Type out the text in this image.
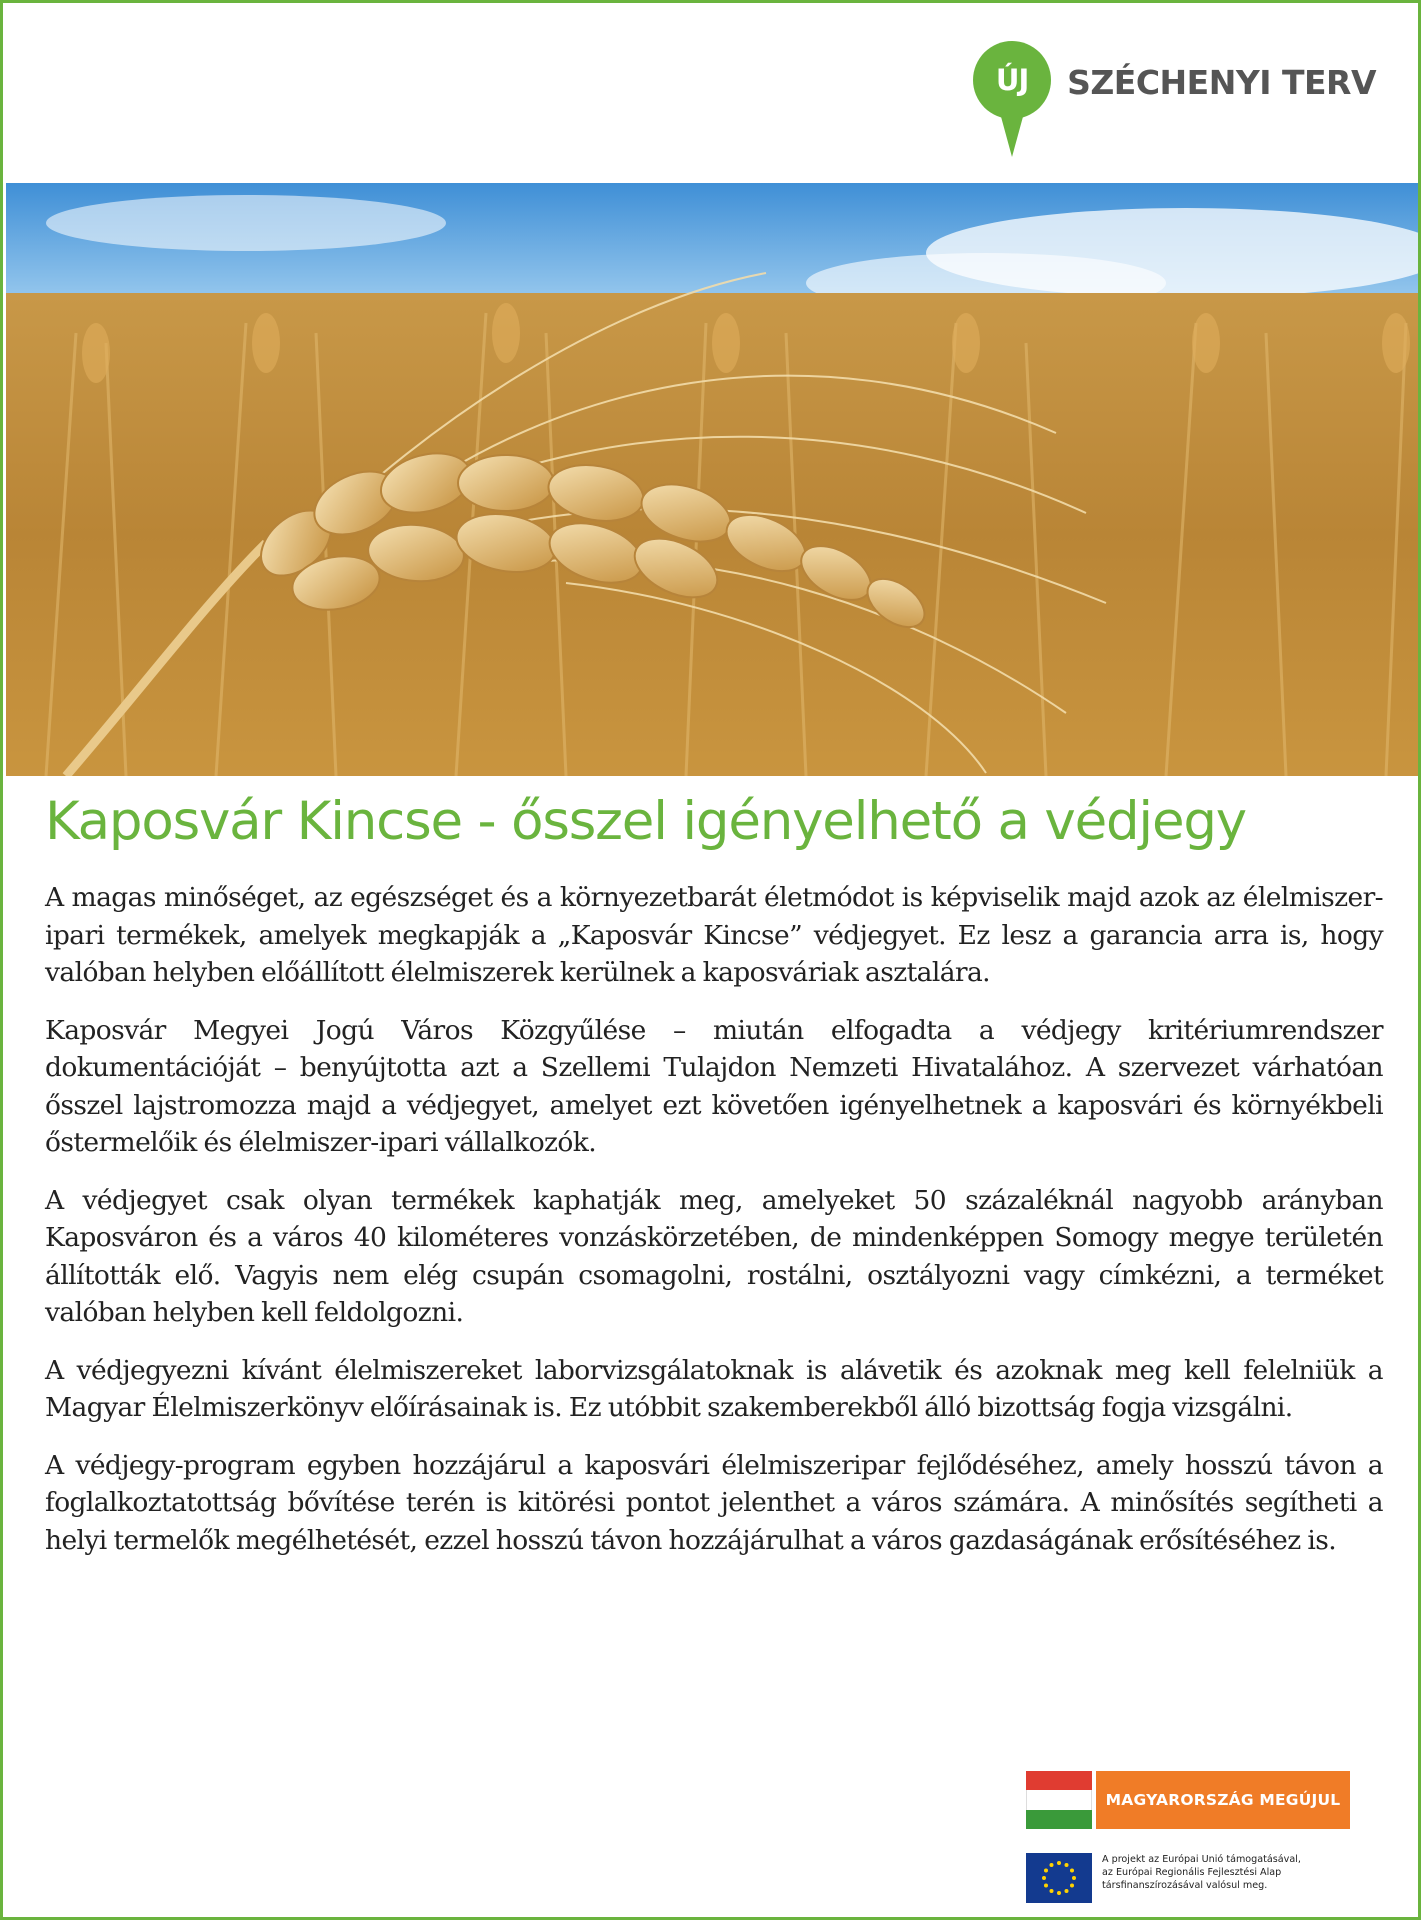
ÚJ	SZÉCHENYI TERV
Kaposvár Kincse - ősszel igényelhető a védjegy

A magas minőséget, az egészséget és a környezetbarát életmódot is képviselik majd azok az élelmiszer-ipari termékek, amelyek megkapják a „Kaposvár Kincse” védjegyet. Ez lesz a garancia arra is, hogy valóban helyben előállított élelmiszerek kerülnek a kaposváriak asztalára.

Kaposvár Megyei Jogú Város Közgyűlése – miután elfogadta a védjegy kritériumrendszer dokumentációját – benyújtotta azt a Szellemi Tulajdon Nemzeti Hivatalához. A szervezet várhatóan ősszel lajstromozza majd a védjegyet, amelyet ezt követően igényelhetnek a kaposvári és környékbeli őstermelőik és élelmiszer-ipari vállalkozók.

A védjegyet csak olyan termékek kaphatják meg, amelyeket 50 százaléknál nagyobb arányban Kaposváron és a város 40 kilométeres vonzáskörzetében, de mindenképpen Somogy megye területén állították elő. Vagyis nem elég csupán csomagolni, rostálni, osztályozni vagy címkézni, a terméket valóban helyben kell feldolgozni.

A védjegyezni kívánt élelmiszereket laborvizsgálatoknak is alávetik és azoknak meg kell felelniük a Magyar Élelmiszerkönyv előírásainak is. Ez utóbbit szakemberekből álló bizottság fogja vizsgálni.

A védjegy-program egyben hozzájárul a kaposvári élelmiszeripar fejlődéséhez, amely hosszú távon a foglalkoztatottság bővítése terén is kitörési pontot jelenthet a város számára. A minősítés segítheti a helyi termelők megélhetését, ezzel hosszú távon hozzájárulhat a város gazdaságának erősítéséhez is.

MAGYARORSZÁG MEGÚJUL
A projekt az Európai Unió támogatásával,
az Európai Regionális Fejlesztési Alap
társfinanszírozásával valósul meg.
